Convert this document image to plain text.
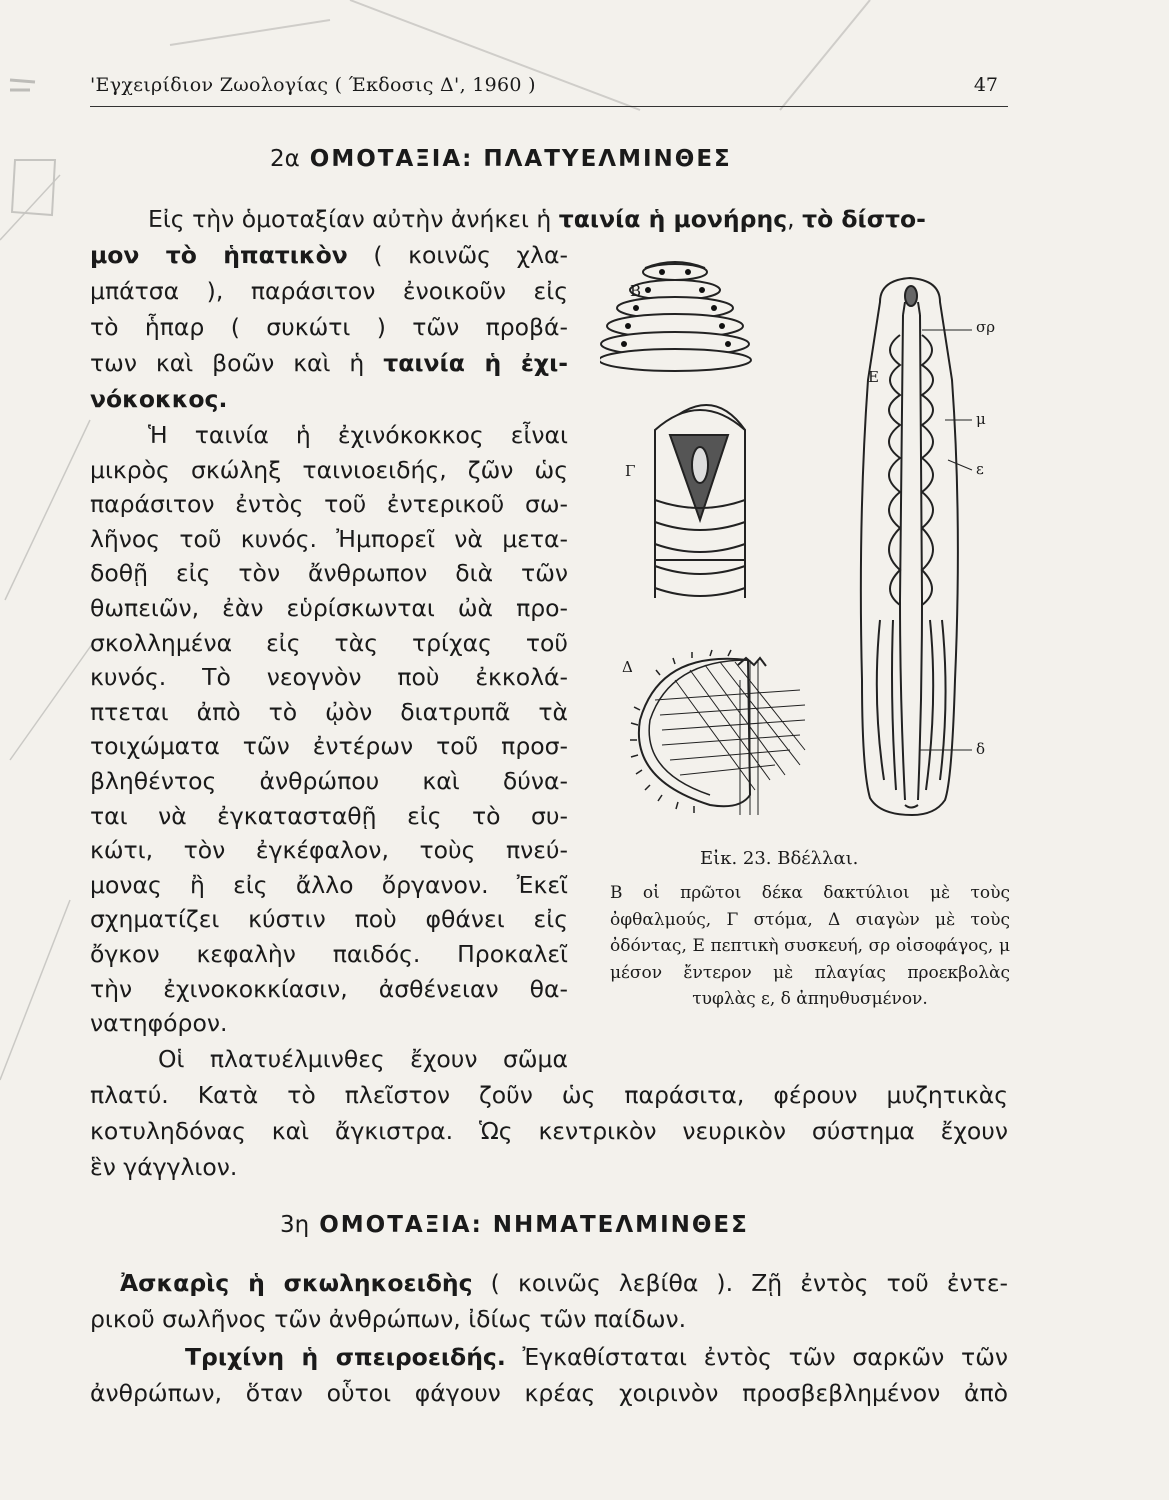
'Εγχειρίδιον Ζωολογίας ( Έκδοσις Δ', 1960 )	47
2α ΟΜΟΤΑΞΙΑ: ΠΛΑΤΥΕΛΜΙΝΘΕΣ
Εἰς τὴν ὁμοταξίαν αὐτὴν ἀνήκει ἡ ταινία ἡ μονήρης, τὸ δίστο-
μον τὸ ἡπατικὸν ( κοινῶς χλα-
μπάτσα ), παράσιτον ἐνοικοῦν εἰς
τὸ ἧπαρ ( συκώτι ) τῶν προβά-
των καὶ βοῶν καὶ ἡ ταινία ἡ ἐχι-
νόκοκκος.
Ἡ ταινία ἡ ἐχινόκοκκος εἶναι
μικρὸς σκώληξ ταινιοειδής, ζῶν ὡς
παράσιτον ἐντὸς τοῦ ἐντερικοῦ σω-
λῆνος τοῦ κυνός. Ἠμπορεῖ νὰ μετα-
δοθῇ εἰς τὸν ἄνθρωπον διὰ τῶν
θωπειῶν, ἐὰν εὑρίσκωνται ὠὰ προ-
σκολλημένα εἰς τὰς τρίχας τοῦ
κυνός. Τὸ νεογνὸν ποὺ ἐκκολά-
πτεται ἀπὸ τὸ ᾠὸν διατρυπᾶ τὰ
τοιχώματα τῶν ἐντέρων τοῦ προσ-
βληθέντος ἀνθρώπου καὶ δύνα-
ται νὰ ἐγκατασταθῇ εἰς τὸ συ-
κώτι, τὸν ἐγκέφαλον, τοὺς πνεύ-
μονας ἢ εἰς ἄλλο ὄργανον. Ἐκεῖ
σχηματίζει κύστιν ποὺ φθάνει εἰς
ὄγκον κεφαλὴν παιδός. Προκαλεῖ
τὴν ἐχινοκοκκίασιν, ἀσθένειαν θα-
νατηφόρον.
Οἱ πλατυέλμινθες ἔχουν σῶμα
πλατύ. Κατὰ τὸ πλεῖστον ζοῦν ὡς παράσιτα, φέρουν μυζητικὰς
κοτυληδόνας καὶ ἄγκιστρα. Ὡς κεντρικὸν νευρικὸν σύστημα ἔχουν
ἓν γάγγλιον.
Β
Γ
Δ
Ε
σρ
μ
ε
δ
Εἰκ. 23. Βδέλλαι.
Β οἱ πρῶτοι δέκα δακτύλιοι μὲ τοὺς ὀφθαλμούς, Γ στόμα, Δ σιαγὼν μὲ τοὺς ὀδόντας, Ε πεπτικὴ συσκευή, σρ οἰσοφάγος, μ μέσον ἔντερον μὲ πλαγίας προεκβολὰς τυφλὰς ε, δ ἀπηυθυσμένον.
3η ΟΜΟΤΑΞΙΑ: ΝΗΜΑΤΕΛΜΙΝΘΕΣ
Ἀσκαρὶς ἡ σκωληκοειδὴς ( κοινῶς λεβίθα ). Ζῇ ἐντὸς τοῦ ἐντε-
ρικοῦ σωλῆνος τῶν ἀνθρώπων, ἰδίως τῶν παίδων.
Τριχίνη ἡ σπειροειδής. Ἐγκαθίσταται ἐντὸς τῶν σαρκῶν τῶν
ἀνθρώπων, ὅταν οὗτοι φάγουν κρέας χοιρινὸν προσβεβλημένον ἀπὸ
